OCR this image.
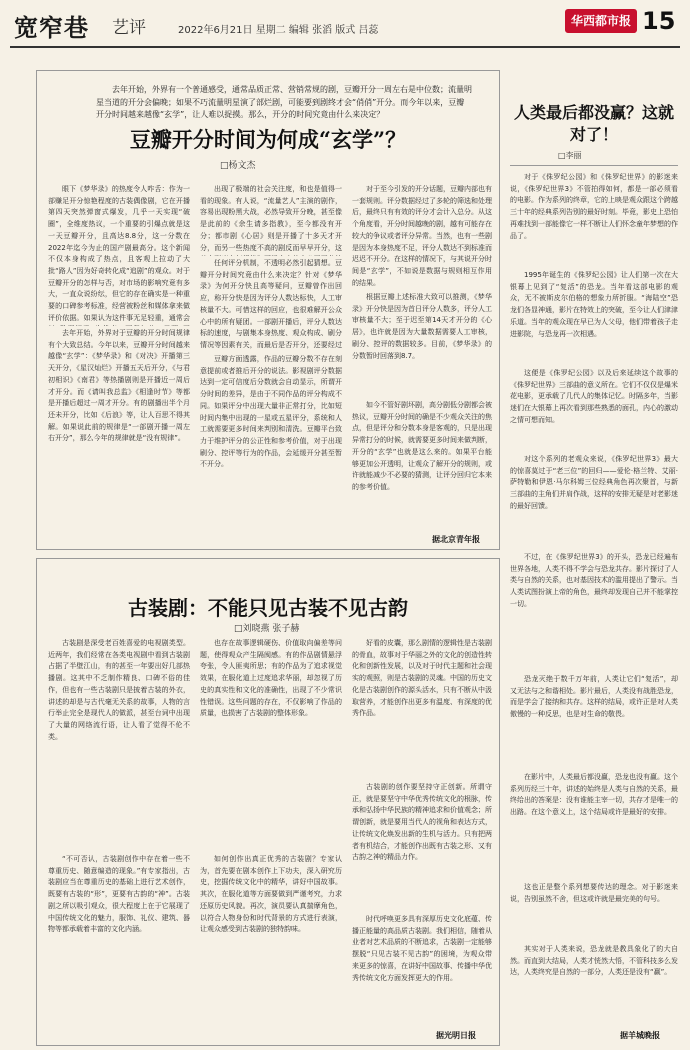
宽窄巷 艺评	2022年6月21日 星期二 编辑 张滔 版式 吕蕊
华西都市报 15
去年开始，外界有一个普通感受，通常品质正常、营销常规的剧，豆瓣开分一周左右是中位数；流量明星当道的开分会偏晚；如果不巧流量明星演了部烂剧，可能要到剧终才会“俏俏”开分。而今年以来，豆瓣开分时间越来越像“玄学”，让人难以捉摸。那么，开分的时间究竟由什么来决定？
豆瓣开分时间为何成“玄学”？
□杨文杰
眼下《梦华录》的热度令人咋舌：作为一部赚足开分惊艳程度的古装偶像剧，它在开播第四天突然弹窗式爆发，几乎一天实现“破圈”，全维度热议，一个重要的引爆点就是这一天豆瓣开分，且高达8.8分，这一分数在2022年迄今为止的国产剧最高分。这个新闻不仅本身构成了热点，且客观上拉动了大批“路人”因为好奇转化成“追剧”的观众。对于豆瓣开分的怎样与否，对市场的影响究竟有多大，一直众说纷纭，但它的存在确实是一种重要的口碑参考标准，经营被粉丝和媒体拿来做评价依据。如果认为这件事无足轻重，通常会
去年开始，外界对于豆瓣的开分时间规律有个大致总结。今年以来，豆瓣开分时间越来越像“玄学”：《梦华录》和《对决》开播第三天开分，《星汉灿烂》开播五天后开分，《与君初相识》《南君》等热播剧则是开播近一周后才开分。而《请叫我总监》《相逢时节》等都是开播后超过一周才开分。有的剧播出半个月还未开分，比如《后浪》等，让人百思不得其解。如果说此前的规律是“一部剧开播一周左右开分”，那么今年的规律就是“没有规律”。
出现了极端的社会关注度，和也是值得一看的现象。有人说，“流量艺人”主演的剧作，容易出现粉黑大战，必然导致开分晚，甚至像是此前的《余生请多指教》，至今都没有开分；都市剧《心居》则是开播了十多天才开分，而另一些热度不高的剧反而早早开分，这
任何评分机制，不透明必然引起猜想。豆瓣开分时间究竟由什么来决定？针对《梦华录》为何开分快且高等疑问，豆瓣曾作出回应，称开分快是因为评分人数达标快，人工审核量不大。可惜这样的回应，也很难解开公众心中的所有疑团。一部剧开播后，评分人数达标的速度，与剧集本身热度、观众构成、刷分情况等因素有关，而最后是否开分，还要经过
豆瓣方面透露，作品的豆瓣分数不存在刻意提前或者推后开分的说法。影视剧评分数据达到一定可信度后分数就会自动显示，所谓开分时间的差异，是由于不同作品的评分构成不同。如果评分中出现大量非正常打分，比如短时间内集中出现的一星或五星评分，系统和人工就需要更多时间来判别和清洗。豆瓣平台致力于维护评分的公正性和参考价值，对于出现刷分、控评等行为的作品，会延缓开分甚至暂不开分。
对于至今引发的开分话题，豆瓣内部也有一套规则。评分数据经过了多轮的筛选和处理后，最终只有有效的评分才会计入总分。从这个角度看，开分时间越晚的剧，越有可能存在较大的争议或者评分异常。当然，也有一些剧是因为本身热度不足，评分人数达不到标准而迟迟不开分。在这样的情况下，与其说开分时间是“玄学”，不如说是数据与规则相互作用的结果。
根据豆瓣上述标准大致可以推测，《梦华录》开分快是因为首日评分人数多，评分人工审核量不大；至于迟至第14天才开分的《心居》，也许就是因为大量数据需要人工审核，刷分、控评的数据较多。目前，《梦华录》的分数暂时回落到8.7。
如今不管好剧坏剧，高分剧低分剧都会被热议，豆瓣开分时间的确是不少观众关注的焦点，但是评分和分数本身是客观的，只是出现异常打分的时候，就需要更多时间来做判断，开分的“玄学”也就是这么来的。如果平台能够更加公开透明，让观众了解开分的规则，或许就能减少不必要的猜测，让评分回归它本来的参考价值。
据北京青年报
古装剧：不能只见古装不见古韵
□刘晓燕 张子赫
古装剧是深受老百姓喜爱的电视剧类型。近两年，我们经常在各类电视剧中看到古装剧占据了半壁江山，有的甚至一年要出好几部热播剧。这其中不乏制作精良、口碑不俗的佳作，但也有一些古装剧只是披着古装的外衣，讲述的却是与古代毫无关系的故事，人物的言行举止完全是现代人的做派，甚至台词中出现了大量的网络流行语，让人看了觉得不伦不类。
“不可否认，古装剧创作中存在着一些不尊重历史、随意编造的现象。”有专家指出，古装剧应当在尊重历史的基础上进行艺术创作，既要有古装的“形”，更要有古韵的“神”。古装剧之所以吸引观众，很大程度上在于它展现了中国传统文化的魅力，服饰、礼仪、建筑、器物等都承载着丰富的文化内涵。
也存在故事逻辑硬伤、价值取向偏差等问题，使得观众产生隔阂感。有的作品剧情悬浮夸张，令人匪夷所思；有的作品为了追求视觉效果，在服化道上过度追求华丽，却忽视了历史的真实性和文化的准确性，出现了不少常识性错误。这些问题的存在，不仅影响了作品的质量，也损害了古装剧的整体形象。
如何创作出真正优秀的古装剧？专家认为，首先要在剧本创作上下功夫，深入研究历史，挖掘传统文化中的精华，讲好中国故事。其次，在服化道等方面要做到严谨考究，力求还原历史风貌。再次，演员要认真揣摩角色，以符合人物身份和时代背景的方式进行表演，让观众感受到古装剧的独特韵味。
好看的皮囊，那么剧情的逻辑性是古装剧的骨血，故事对于华丽之外的文化的创造性转化和创新性发展，以及对于时代主题和社会现实的观照，则是古装剧的灵魂。中国的历史文化是古装剧创作的源头活水，只有不断从中汲取营养，才能创作出更多有温度、有深度的优秀作品。
古装剧的创作要坚持守正创新。所谓守正，就是要坚守中华优秀传统文化的根脉，传承和弘扬中华民族的精神追求和价值观念；所谓创新，就是要用当代人的视角和表达方式，让传统文化焕发出新的生机与活力。只有把两者有机结合，才能创作出既有古装之形、又有古韵之神的精品力作。
时代呼唤更多具有深厚历史文化底蕴、传播正能量的高品质古装剧。我们相信，随着从业者对艺术品质的不断追求，古装剧一定能够摆脱“只见古装不见古韵”的困境，为观众带来更多的惊喜，在讲好中国故事、传播中华优秀传统文化方面发挥更大的作用。
据光明日报
人类最后都没赢？这就对了！
□李丽
对于《侏罗纪公园》和《侏罗纪世界》的影迷来说，《侏罗纪世界3》不管拍得如何，都是一部必须看的电影。作为系列的终章，它的上映是观众跟这个跨越三十年的经典系列告别的最好时刻。毕竟，影史上恐怕再难找到一部能像它一样不断让人们怀念童年梦想的作品了。
1995年诞生的《侏罗纪公园》让人们第一次在大银幕上见到了“复活”的恐龙。当年看这部电影的观众，无不被斯皮尔伯格的想象力所折服。“海陆空”恐龙们各显神通，影片在特效上的突破，至今让人们津津乐道。当年的观众现在早已为人父母，他们带着孩子走进影院，与恐龙再一次相遇。
这便是《侏罗纪公园》以及后来延续这个故事的《侏罗纪世界》三部曲的意义所在。它们不仅仅是爆米花电影，更承载了几代人的集体记忆。时隔多年，当影迷们在大银幕上再次看到那些熟悉的面孔，内心的激动之情可想而知。
对这个系列的老观众来说，《侏罗纪世界3》最大的惊喜莫过于“老三位”的回归——爱伦·格兰特、艾丽·萨特勒和伊恩·马尔科姆三位经典角色再次聚首，与新三部曲的主角们并肩作战，这样的安排无疑是对老影迷的最好回馈。
不过，在《侏罗纪世界3》的开头，恐龙已经遍布世界各地，人类不得不学会与恐龙共存。影片探讨了人类与自然的关系，也对基因技术的滥用提出了警示。当人类试图扮演上帝的角色，最终却发现自己并不能掌控一切。
恐龙灭绝于数千万年前，人类让它们“复活”，却又无法与之和谐相处。影片最后，人类没有战胜恐龙，而是学会了接纳和共存。这样的结局，或许正是对人类傲慢的一种反思，也是对生命的敬畏。
在影片中，人类最后都没赢，恐龙也没有赢。这个系列历经三十年，讲述的始终是人类与自然的关系，最终给出的答案是：没有谁能主宰一切，共存才是唯一的出路。在这个意义上，这个结局或许是最好的安排。
这也正是整个系列想要传达的理念。对于影迷来说，告别虽然不舍，但这或许就是最完美的句号。
其实对于人类来说，恐龙就是教具象化了的大自然。而直到大结局，人类才恍然大悟，不管科技多么发达，人类终究是自然的一部分，人类还是没有“赢”。
据羊城晚报
